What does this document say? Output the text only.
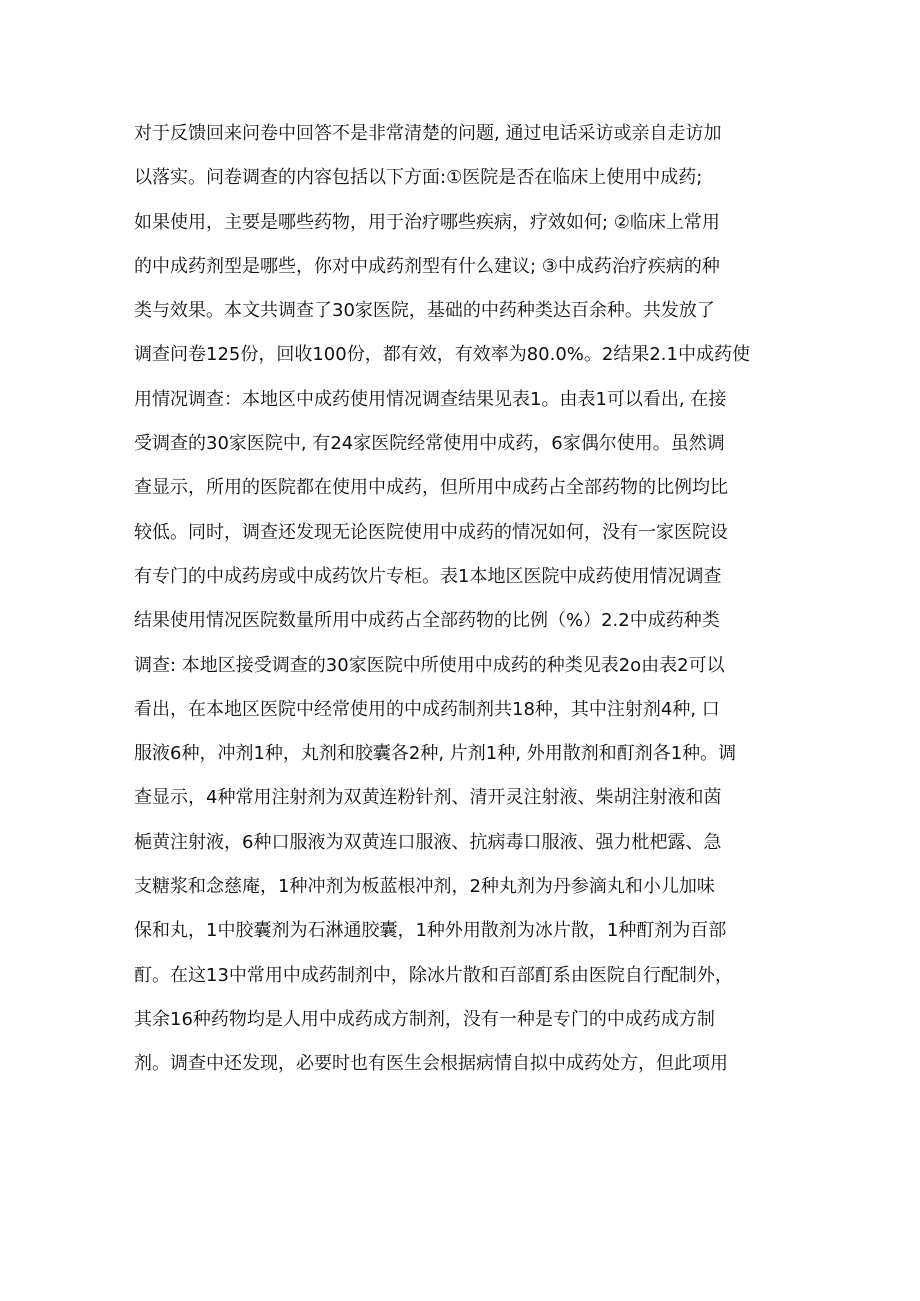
对于反馈回来问卷中回答不是非常清楚的问题, 通过电话采访或亲自走访加
以落实。问卷调查的内容包括以下方面:①医院是否在临床上使用中成药;
如果使用，主要是哪些药物，用于治疗哪些疾病，疗效如何; ②临床上常用
的中成药剂型是哪些，你对中成药剂型有什么建议; ③中成药治疗疾病的种
类与效果。本文共调查了30家医院，基础的中药种类达百余种。共发放了
调查问卷125份，回收100份，都有效，有效率为80.0%。2结果2.1中成药使
用情况调查：本地区中成药使用情况调查结果见表1。由表1可以看出, 在接
受调查的30家医院中, 有24家医院经常使用中成药，6家偶尔使用。虽然调
查显示，所用的医院都在使用中成药，但所用中成药占全部药物的比例均比
较低。同时，调查还发现无论医院使用中成药的情况如何，没有一家医院设
有专门的中成药房或中成药饮片专柜。表1本地区医院中成药使用情况调查
结果使用情况医院数量所用中成药占全部药物的比例（%）2.2中成药种类
调查: 本地区接受调查的30家医院中所使用中成药的种类见表2o由表2可以
看出，在本地区医院中经常使用的中成药制剂共18种，其中注射剂4种, 口
服液6种，冲剂1种，丸剂和胶囊各2种, 片剂1种, 外用散剂和酊剂各1种。调
查显示，4种常用注射剂为双黄连粉针剂、清开灵注射液、柴胡注射液和茵
梔黄注射液，6种口服液为双黄连口服液、抗病毒口服液、强力枇杷露、急
支糖浆和念慈庵，1种冲剂为板蓝根冲剂，2种丸剂为丹参滴丸和小儿加味
保和丸，1中胶囊剂为石淋通胶囊，1种外用散剂为冰片散，1种酊剂为百部
酊。在这13中常用中成药制剂中，除冰片散和百部酊系由医院自行配制外，
其余16种药物均是人用中成药成方制剂，没有一种是专门的中成药成方制
剂。调查中还发现，必要时也有医生会根据病情自拟中成药处方，但此项用
